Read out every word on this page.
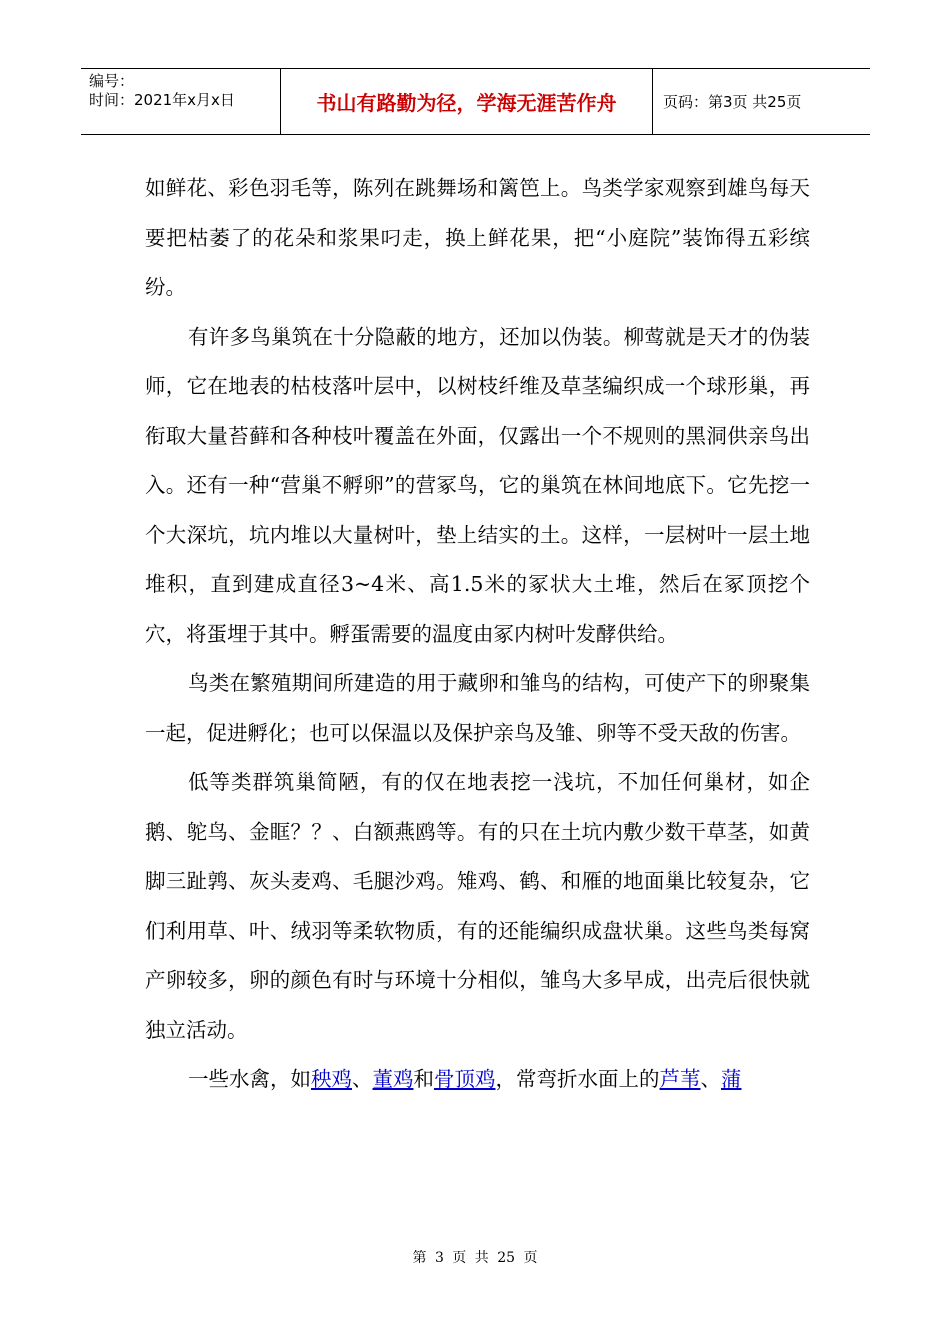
编号：
时间：2021年x月x日	书山有路勤为径，学海无涯苦作舟	页码：第3页 共25页

如鲜花、彩色羽毛等，陈列在跳舞场和篱笆上。鸟类学家观察到雄鸟每天要把枯萎了的花朵和浆果叼走，换上鲜花果，把“小庭院”装饰得五彩缤纷。

有许多鸟巢筑在十分隐蔽的地方，还加以伪装。柳莺就是天才的伪装师，它在地表的枯枝落叶层中，以树枝纤维及草茎编织成一个球形巢，再衔取大量苔藓和各种枝叶覆盖在外面，仅露出一个不规则的黑洞供亲鸟出入。还有一种“营巢不孵卵”的营冢鸟，它的巢筑在林间地底下。它先挖一个大深坑，坑内堆以大量树叶，垫上结实的土。这样，一层树叶一层土地堆积，直到建成直径3~4米、高1.5米的冢状大土堆，然后在冢顶挖个穴，将蛋埋于其中。孵蛋需要的温度由冢内树叶发酵供给。

鸟类在繁殖期间所建造的用于藏卵和雏鸟的结构，可使产下的卵聚集一起，促进孵化；也可以保温以及保护亲鸟及雏、卵等不受天敌的伤害。

低等类群筑巢简陋，有的仅在地表挖一浅坑，不加任何巢材，如企鹅、鸵鸟、金眶？？、白额燕鸥等。有的只在土坑内敷少数干草茎，如黄脚三趾鹑、灰头麦鸡、毛腿沙鸡。雉鸡、鹤、和雁的地面巢比较复杂，它们利用草、叶、绒羽等柔软物质，有的还能编织成盘状巢。这些鸟类每窝产卵较多，卵的颜色有时与环境十分相似，雏鸟大多早成，出壳后很快就独立活动。

一些水禽，如秧鸡、董鸡和骨顶鸡，常弯折水面上的芦苇、蒲

第 3 页 共 25 页
